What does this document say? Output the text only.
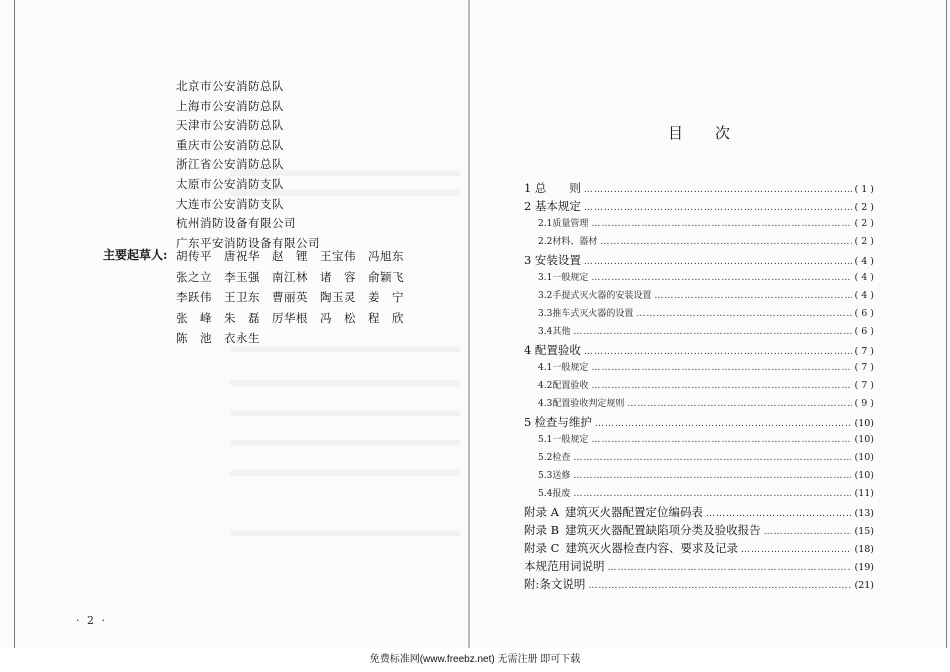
北京市公安消防总队
上海市公安消防总队
天津市公安消防总队
重庆市公安消防总队
浙江省公安消防总队
太原市公安消防支队
大连市公安消防支队
杭州消防设备有限公司
广东平安消防设备有限公司
主要起草人: 胡传平	唐祝华	赵　锂	王宝伟	冯旭东
张之立	李玉强	南江林	诸　容	俞颖飞
李跃伟	王卫东	曹丽英	陶玉灵	姜　宁
张　峰	朱　磊	厉华根	冯　松	程　欣
陈　池	衣永生
· 2 ·
目次
1 总　　则 ……………………………………………………………………………………………………………………………………………………………	( 1 )
2 基本规定 ……………………………………………………………………………………………………………………………………………………………	( 2 )
2.1 质量管理 ……………………………………………………………………………………………………………………………………………………………	( 2 )
2.2 材料、器材 ……………………………………………………………………………………………………………………………………………………………	( 2 )
3 安装设置 ……………………………………………………………………………………………………………………………………………………………	( 4 )
3.1 一般规定 ……………………………………………………………………………………………………………………………………………………………	( 4 )
3.2 手提式灭火器的安装设置 ……………………………………………………………………………………………………………………………………………………………	( 4 )
3.3 推车式灭火器的设置 ……………………………………………………………………………………………………………………………………………………………	( 6 )
3.4 其他 ……………………………………………………………………………………………………………………………………………………………	( 6 )
4 配置验收 ……………………………………………………………………………………………………………………………………………………………	( 7 )
4.1 一般规定 ……………………………………………………………………………………………………………………………………………………………	( 7 )
4.2 配置验收 ……………………………………………………………………………………………………………………………………………………………	( 7 )
4.3 配置验收判定规则 ……………………………………………………………………………………………………………………………………………………………	( 9 )
5 检查与维护 ……………………………………………………………………………………………………………………………………………………………	(10)
5.1 一般规定 ……………………………………………………………………………………………………………………………………………………………	(10)
5.2 检查 ……………………………………………………………………………………………………………………………………………………………	(10)
5.3 送修 ……………………………………………………………………………………………………………………………………………………………	(10)
5.4 报废 ……………………………………………………………………………………………………………………………………………………………	(11)
附录 A 建筑灭火器配置定位编码表 ……………………………………………………………………………………………………………………………………………………………	(13)
附录 B 建筑灭火器配置缺陷项分类及验收报告 ……………………………………………………………………………………………………………………………………………………………	(15)
附录 C 建筑灭火器检查内容、要求及记录 ……………………………………………………………………………………………………………………………………………………………	(18)
本规范用词说明 ……………………………………………………………………………………………………………………………………………………………	(19)
附:条文说明 ……………………………………………………………………………………………………………………………………………………………	(21)
免费标准网(www.freebz.net) 无需注册 即可下载
